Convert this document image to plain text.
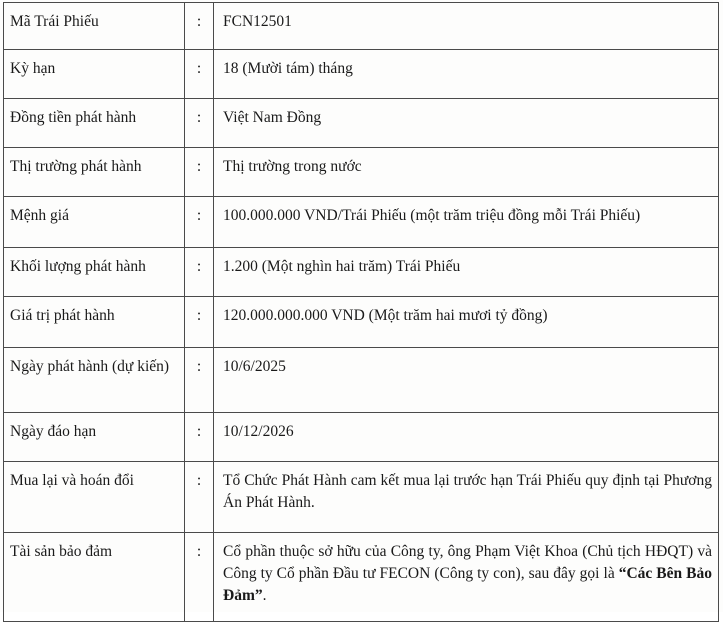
Mã Trái Phiếu	:	FCN12501
Kỳ hạn	:	18 (Mười tám) tháng
Đồng tiền phát hành	:	Việt Nam Đồng
Thị trường phát hành	:	Thị trường trong nước
Mệnh giá	:	100.000.000 VND/Trái Phiếu (một trăm triệu đồng mỗi Trái Phiếu)
Khối lượng phát hành	:	1.200 (Một nghìn hai trăm) Trái Phiếu
Giá trị phát hành	:	120.000.000.000 VND (Một trăm hai mươi tỷ đồng)
Ngày phát hành (dự kiến)	:	10/6/2025
Ngày đáo hạn	:	10/12/2026
Mua lại và hoán đổi	:	Tổ Chức Phát Hành cam kết mua lại trước hạn Trái Phiếu quy định tại Phương Án Phát Hành.
Tài sản bảo đảm	:	Cổ phần thuộc sở hữu của Công ty, ông Phạm Việt Khoa (Chủ tịch HĐQT) và Công ty Cổ phần Đầu tư FECON (Công ty con), sau đây gọi là “Các Bên Bảo Đảm”.
